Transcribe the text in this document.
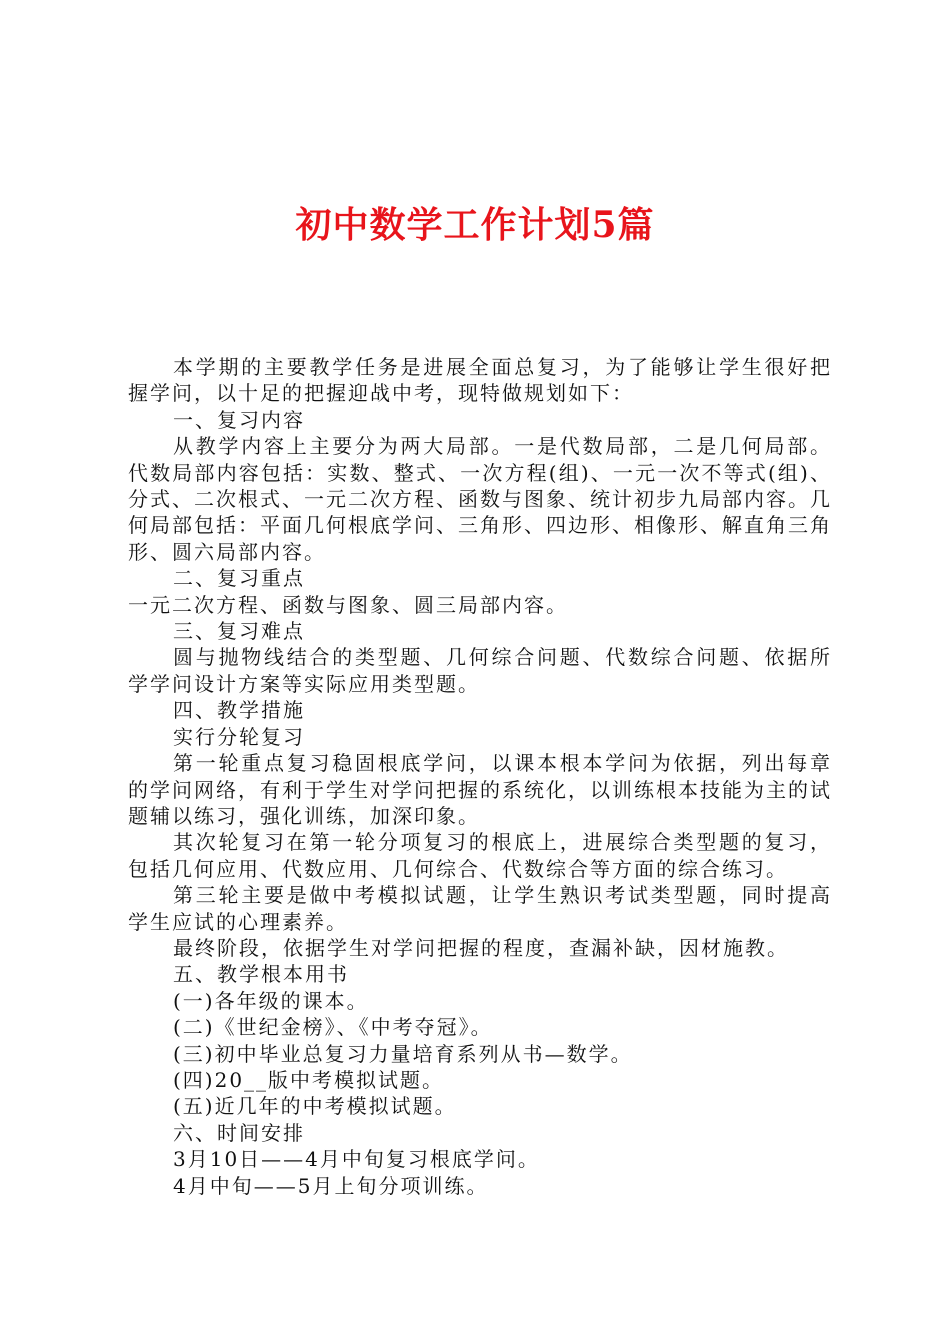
初中数学工作计划5篇

本学期的主要教学任务是进展全面总复习，为了能够让学生很好把握学问，以十足的把握迎战中考，现特做规划如下：

一、复习内容

从教学内容上主要分为两大局部。一是代数局部，二是几何局部。代数局部内容包括：实数、整式、一次方程(组)、一元一次不等式(组)、分式、二次根式、一元二次方程、函数与图象、统计初步九局部内容。几何局部包括：平面几何根底学问、三角形、四边形、相像形、解直角三角形、圆六局部内容。

二、复习重点

一元二次方程、函数与图象、圆三局部内容。

三、复习难点

圆与抛物线结合的类型题、几何综合问题、代数综合问题、依据所学学问设计方案等实际应用类型题。

四、教学措施

实行分轮复习

第一轮重点复习稳固根底学问，以课本根本学问为依据，列出每章的学问网络，有利于学生对学问把握的系统化，以训练根本技能为主的试题辅以练习，强化训练，加深印象。

其次轮复习在第一轮分项复习的根底上，进展综合类型题的复习，包括几何应用、代数应用、几何综合、代数综合等方面的综合练习。

第三轮主要是做中考模拟试题，让学生熟识考试类型题，同时提高学生应试的心理素养。

最终阶段，依据学生对学问把握的程度，查漏补缺，因材施教。

五、教学根本用书

(一)各年级的课本。

(二)《世纪金榜》、《中考夺冠》。

(三)初中毕业总复习力量培育系列从书—数学。

(四)20__版中考模拟试题。

(五)近几年的中考模拟试题。

六、时间安排

3月10日——4月中旬复习根底学问。

4月中旬——5月上旬分项训练。
